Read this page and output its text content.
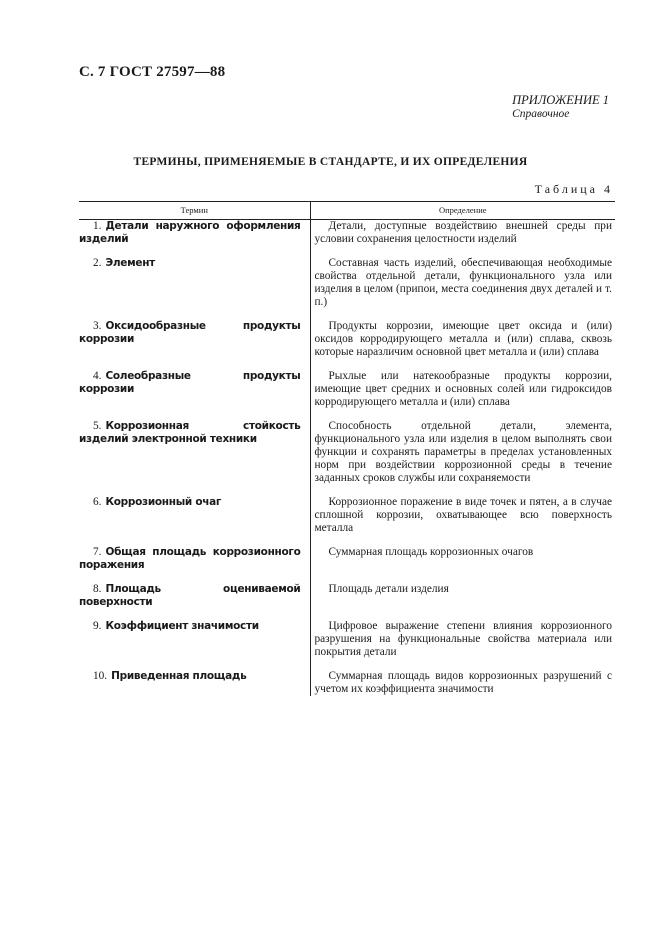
С. 7 ГОСТ 27597—88
ПРИЛОЖЕНИЕ 1
Справочное
ТЕРМИНЫ, ПРИМЕНЯЕМЫЕ В СТАНДАРТЕ, И ИХ ОПРЕДЕЛЕНИЯ
Таблица 4
Термин	Определение

1. Детали наружного оформления изделий	Детали, доступные воздействию внешней среды при условии сохранения целостности изделий

2. Элемент	Составная часть изделий, обеспечивающая необходимые свойства отдельной детали, функционального узла или изделия в целом (припои, места соединения двух деталей и т. п.)

3. Оксидообразные продукты коррозии	Продукты коррозии, имеющие цвет оксида и (или) оксидов корродирующего металла и (или) сплава, сквозь которые наразличим основной цвет металла и (или) сплава

4. Солеобразные продукты коррозии	Рыхлые или натекообразные продукты коррозии, имеющие цвет средних и основных солей или гидроксидов корродирующего металла и (или) сплава

5. Коррозионная стойкость изделий электронной техники	Способность отдельной детали, элемента, функционального узла или изделия в целом выполнять свои функции и сохранять параметры в пределах установленных норм при воздействии коррозионной среды в течение заданных сроков службы или сохраняемости

6. Коррозионный очаг	Коррозионное поражение в виде точек и пятен, а в случае сплошной коррозии, охватывающее всю поверхность металла

7. Общая площадь коррозионного поражения	Суммарная площадь коррозионных очагов

8. Площадь оцениваемой поверхности	Площадь детали изделия

9. Коэффициент значимости	Цифровое выражение степени влияния коррозионного разрушения на функциональные свойства материала или покрытия детали

10. Приведенная площадь	Суммарная площадь видов коррозионных разрушений с учетом их коэффициента значимости
